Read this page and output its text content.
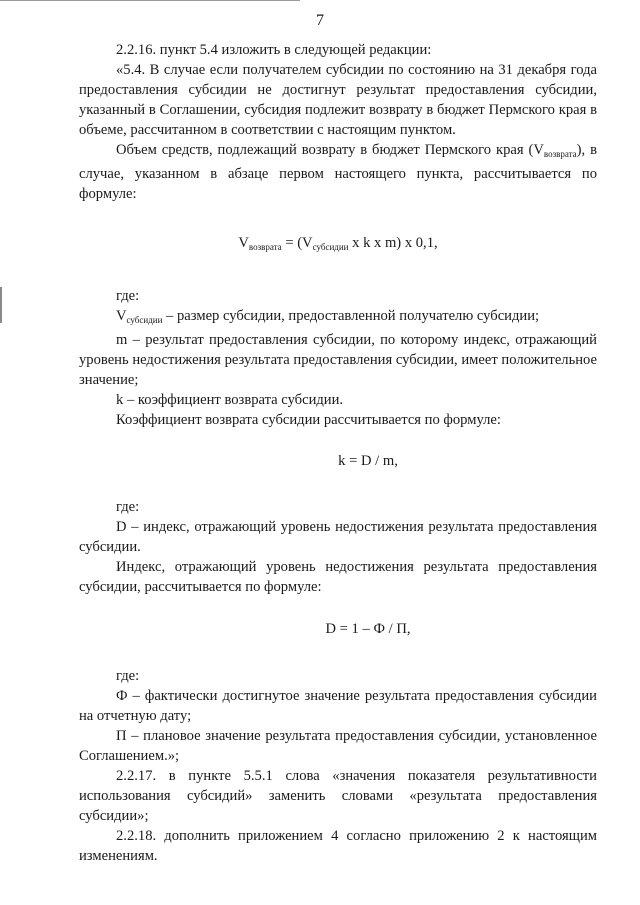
7

2.2.16. пункт 5.4 изложить в следующей редакции:

«5.4. В случае если получателем субсидии по состоянию на 31 декабря года предоставления субсидии не достигнут результат предоставления субсидии, указанный в Соглашении, субсидия подлежит возврату в бюджет Пермского края в объеме, рассчитанном в соответствии с настоящим пунктом.

Объем средств, подлежащий возврату в бюджет Пермского края $(V_{возврата})$, в случае, указанном в абзаце первом настоящего пункта, рассчитывается по формуле:

$V_{возврата} = (V_{субсидии}$ x k x m) x 0,1,

где:

$V_{субсидии}$ – размер субсидии, предоставленной получателю субсидии;

m – результат предоставления субсидии, по которому индекс, отражающий уровень недостижения результата предоставления субсидии, имеет положительное значение;

k – коэффициент возврата субсидии.

Коэффициент возврата субсидии рассчитывается по формуле:

k = D / m,

где:

D – индекс, отражающий уровень недостижения результата предоставления субсидии.

Индекс, отражающий уровень недостижения результата предоставления субсидии, рассчитывается по формуле:

D = 1 – Ф / П,

где:

Ф – фактически достигнутое значение результата предоставления субсидии на отчетную дату;

П – плановое значение результата предоставления субсидии, установленное Соглашением.»;

2.2.17. в пункте 5.5.1 слова «значения показателя результативности использования субсидий» заменить словами «результата предоставления субсидии»;

2.2.18. дополнить приложением 4 согласно приложению 2 к настоящим изменениям.
